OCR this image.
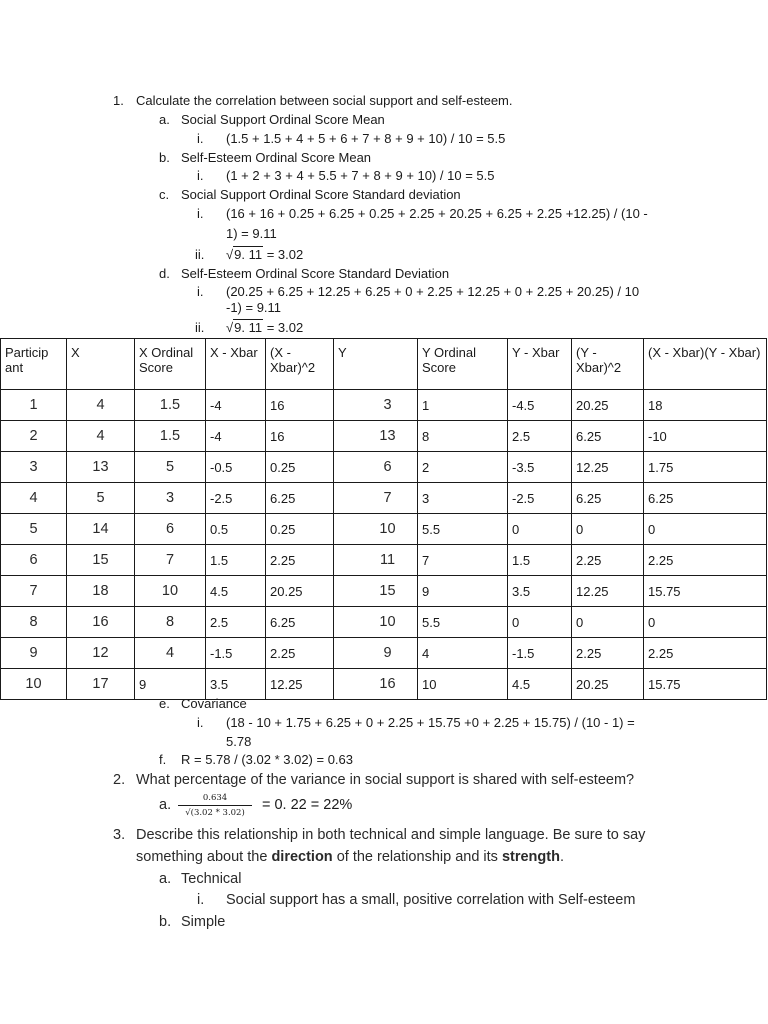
1. Calculate the correlation between social support and self-esteem.
a. Social Support Ordinal Score Mean
i. (1.5 + 1.5 + 4 + 5 + 6 + 7 + 8 + 9 + 10) / 10 = 5.5
b. Self-Esteem Ordinal Score Mean
i. (1 + 2 + 3 + 4 + 5.5 + 7 + 8 + 9 + 10) / 10 = 5.5
c. Social Support Ordinal Score Standard deviation
i. (16 + 16 + 0.25 + 6.25 + 0.25 + 2.25 + 20.25 + 6.25 + 2.25 +12.25) / (10 -
1) = 9.11
ii. √9. 11 = 3.02
d. Self-Esteem Ordinal Score Standard Deviation
i. (20.25 + 6.25 + 12.25 + 6.25 + 0 + 2.25 + 12.25 + 0 + 2.25 + 20.25) / 10
-1) = 9.11
ii. √9. 11 = 3.02
Particip ant	X	X Ordinal Score	X - Xbar	(X - Xbar)^2	Y	Y Ordinal Score	Y - Xbar	(Y - Xbar)^2	(X - Xbar)(Y - Xbar)
1	4	1.5	-4	16	3	1	-4.5	20.25	18
2	4	1.5	-4	16	13	8	2.5	6.25	-10
3	13	5	-0.5	0.25	6	2	-3.5	12.25	1.75
4	5	3	-2.5	6.25	7	3	-2.5	6.25	6.25
5	14	6	0.5	0.25	10	5.5	0	0	0
6	15	7	1.5	2.25	11	7	1.5	2.25	2.25
7	18	10	4.5	20.25	15	9	3.5	12.25	15.75
8	16	8	2.5	6.25	10	5.5	0	0	0
9	12	4	-1.5	2.25	9	4	-1.5	2.25	2.25
10	17	9	3.5	12.25	16	10	4.5	20.25	15.75
e. Covariance
i. (18 - 10 + 1.75 + 6.25 + 0 + 2.25 + 15.75 +0 + 2.25 + 15.75) / (10 - 1) =
5.78
f. R = 5.78 / (3.02 * 3.02) = 0.63
2. What percentage of the variance in social support is shared with self-esteem?
a. $\frac{0.634}{√(3.02 * 3.02)} = 0$. 22 = 22%
3. Describe this relationship in both technical and simple language. Be sure to say
something about the direction of the relationship and its strength.
a. Technical
i. Social support has a small, positive correlation with Self-esteem
b. Simple
